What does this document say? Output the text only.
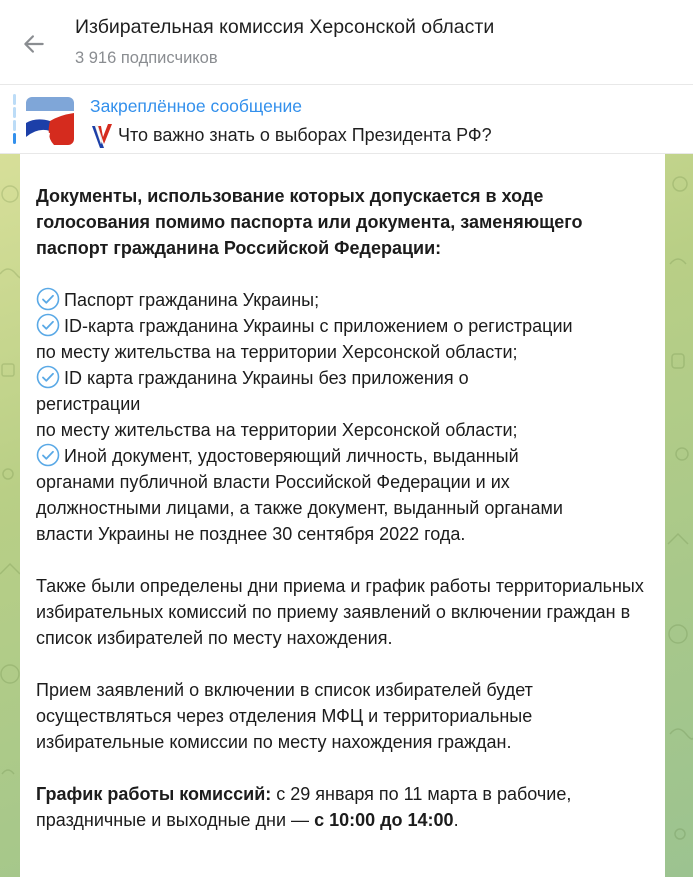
Избирательная комиссия Херсонской области
3 916 подписчиков
Закреплённое сообщение
Что важно знать о выборах Президента РФ?

Документы, использование которых допускается в ходе голосования помимо паспорта или документа, заменяющего паспорт гражданина Российской Федерации:

Паспорт гражданина Украины;

ID-карта гражданина Украины с приложением о регистрации

по месту жительства на территории Херсонской области;

ID карта гражданина Украины без приложения о

регистрации

по месту жительства на территории Херсонской области;

Иной документ, удостоверяющий личность, выданный

органами публичной власти Российской Федерации и их

должностными лицами, а также документ, выданный органами

власти Украины не позднее 30 сентября 2022 года.

Также были определены дни приема и график работы территориальных избирательных комиссий по приему заявлений о включении граждан в список избирателей по месту нахождения.

Прием заявлений о включении в список избирателей будет осуществляться через отделения МФЦ и территориальные избирательные комиссии по месту нахождения граждан.

График работы комиссий: с 29 января по 11 марта в рабочие, праздничные и выходные дни — с 10:00 до 14:00.
